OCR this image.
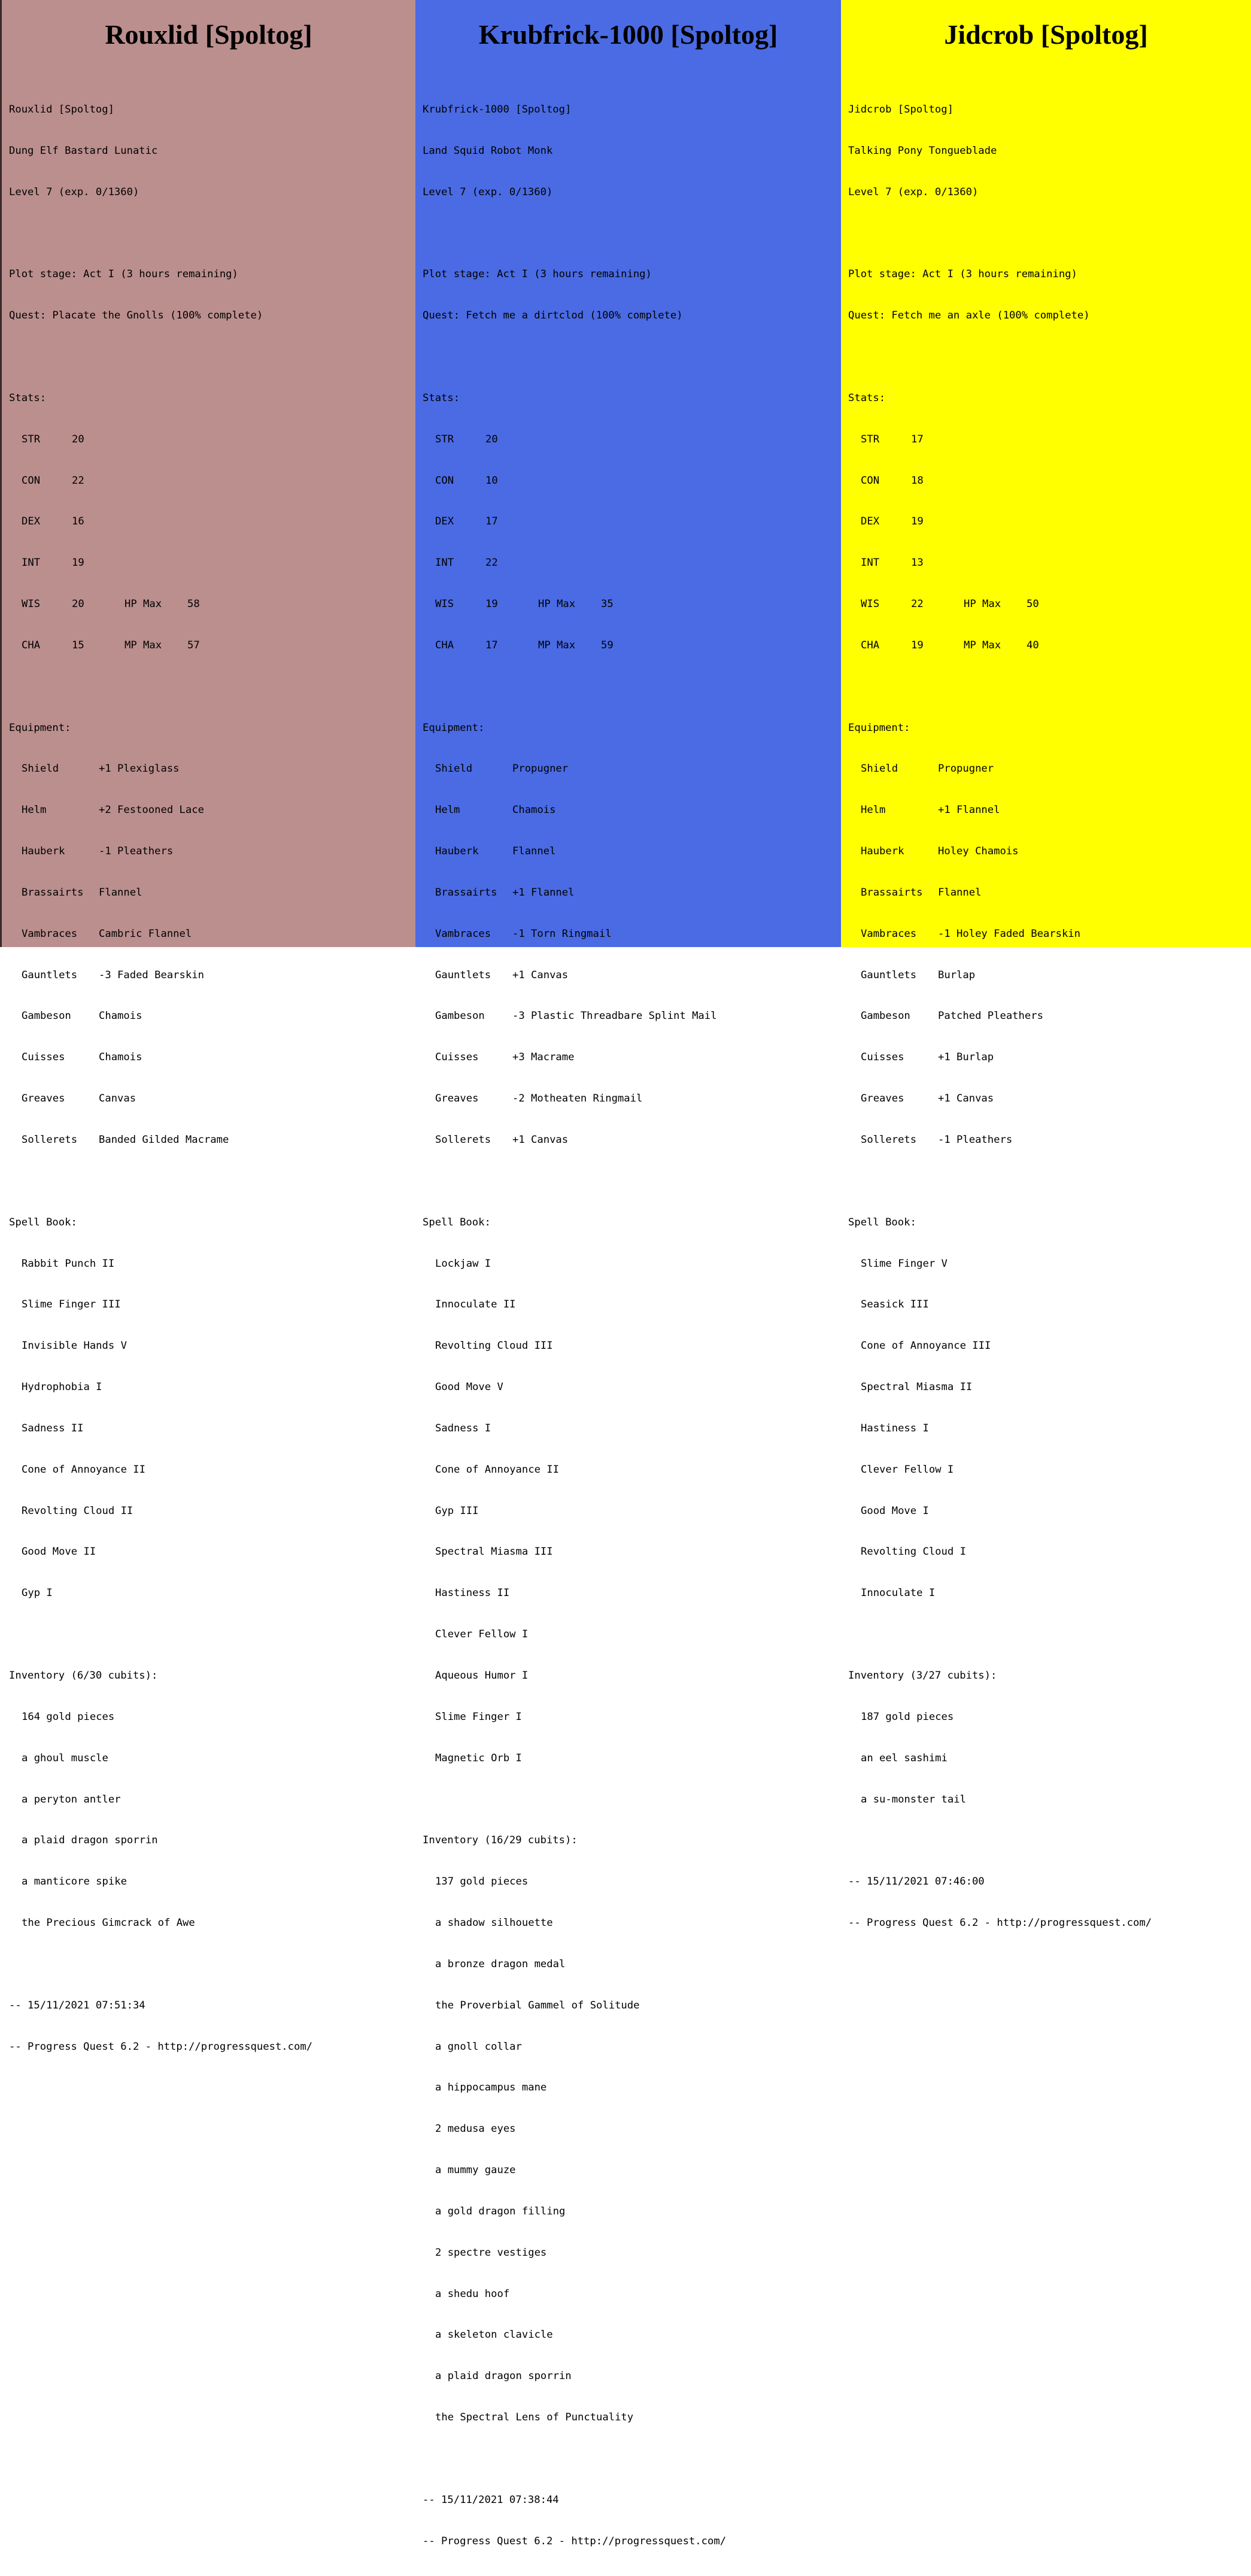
Rouxlid [Spoltog]

Rouxlid [Spoltog]

Dung Elf Bastard Lunatic

Level 7 (exp. 0/1360)

Plot stage: Act I (3 hours remaining)

Quest: Placate the Gnolls (100% complete)

Stats:

STR	20

CON	22

DEX	16

INT	19

WIS	20	HP Max	58

CHA	15	MP Max	57

Equipment:

Shield	+1 Plexiglass

Helm	+2 Festooned Lace

Hauberk	-1 Pleathers

Brassairts	Flannel

Vambraces	Cambric Flannel

Gauntlets	-3 Faded Bearskin

Gambeson	Chamois

Cuisses	Chamois

Greaves	Canvas

Sollerets	Banded Gilded Macrame

Spell Book:

Rabbit Punch II

Slime Finger III

Invisible Hands V

Hydrophobia I

Sadness II

Cone of Annoyance II

Revolting Cloud II

Good Move II

Gyp I

Inventory (6/30 cubits):

164 gold pieces

a ghoul muscle

a peryton antler

a plaid dragon sporrin

a manticore spike

the Precious Gimcrack of Awe

-- 15/11/2021 07:51:34

-- Progress Quest 6.2 - http://progressquest.com/

Krubfrick-1000 [Spoltog]

Krubfrick-1000 [Spoltog]

Land Squid Robot Monk

Level 7 (exp. 0/1360)

Plot stage: Act I (3 hours remaining)

Quest: Fetch me a dirtclod (100% complete)

Stats:

STR	20

CON	10

DEX	17

INT	22

WIS	19	HP Max	35

CHA	17	MP Max	59

Equipment:

Shield	Propugner

Helm	Chamois

Hauberk	Flannel

Brassairts	+1 Flannel

Vambraces	-1 Torn Ringmail

Gauntlets	+1 Canvas

Gambeson	-3 Plastic Threadbare Splint Mail

Cuisses	+3 Macrame

Greaves	-2 Motheaten Ringmail

Sollerets	+1 Canvas

Spell Book:

Lockjaw I

Innoculate II

Revolting Cloud III

Good Move V

Sadness I

Cone of Annoyance II

Gyp III

Spectral Miasma III

Hastiness II

Clever Fellow I

Aqueous Humor I

Slime Finger I

Magnetic Orb I

Inventory (16/29 cubits):

137 gold pieces

a shadow silhouette

a bronze dragon medal

the Proverbial Gammel of Solitude

a gnoll collar

a hippocampus mane

2 medusa eyes

a mummy gauze

a gold dragon filling

2 spectre vestiges

a shedu hoof

a skeleton clavicle

a plaid dragon sporrin

the Spectral Lens of Punctuality

-- 15/11/2021 07:38:44

-- Progress Quest 6.2 - http://progressquest.com/

Jidcrob [Spoltog]

Jidcrob [Spoltog]

Talking Pony Tongueblade

Level 7 (exp. 0/1360)

Plot stage: Act I (3 hours remaining)

Quest: Fetch me an axle (100% complete)

Stats:

STR	17

CON	18

DEX	19

INT	13

WIS	22	HP Max	50

CHA	19	MP Max	40

Equipment:

Shield	Propugner

Helm	+1 Flannel

Hauberk	Holey Chamois

Brassairts	Flannel

Vambraces	-1 Holey Faded Bearskin

Gauntlets	Burlap

Gambeson	Patched Pleathers

Cuisses	+1 Burlap

Greaves	+1 Canvas

Sollerets	-1 Pleathers

Spell Book:

Slime Finger V

Seasick III

Cone of Annoyance III

Spectral Miasma II

Hastiness I

Clever Fellow I

Good Move I

Revolting Cloud I

Innoculate I

Inventory (3/27 cubits):

187 gold pieces

an eel sashimi

a su-monster tail

-- 15/11/2021 07:46:00

-- Progress Quest 6.2 - http://progressquest.com/
